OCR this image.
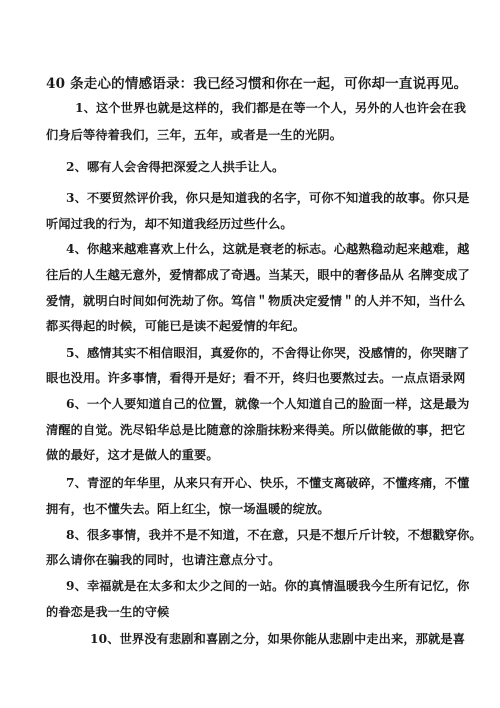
40 条走心的情感语录：我已经习惯和你在一起，可你却一直说再见。
1、这个世界也就是这样的，我们都是在等一个人，另外的人也许会在我
们身后等待着我们，三年，五年，或者是一生的光阴。
2、哪有人会舍得把深爱之人拱手让人。
3、不要贸然评价我，你只是知道我的名字，可你不知道我的故事。你只是
听闻过我的行为，却不知道我经历过些什么。
4、你越来越难喜欢上什么，这就是衰老的标志。心越熟稳动起来越难，越
往后的人生越无意外，爱情都成了奇遇。当某天，眼中的奢侈品从 名牌变成了
爱情，就明白时间如何洗劫了你。笃信＂物质决定爱情＂的人并不知，当什么
都买得起的时候，可能已是读不起爱情的年纪。
5、感情其实不相信眼泪，真爱你的，不舍得让你哭，没感情的，你哭瞎了
眼也没用。许多事情，看得开是好；看不开，终归也要熬过去。一点点语录网
6、一个人要知道自己的位置，就像一个人知道自己的脸面一样，这是最为
清醒的自觉。洗尽铅华总是比随意的涂脂抹粉来得美。所以做能做的事，把它
做的最好，这才是做人的重要。
7、青涩的年华里，从来只有开心、快乐，不懂支离破碎，不懂疼痛，不懂
拥有，也不懂失去。陌上红尘，惊一场温暖的绽放。
8、很多事情，我并不是不知道，不在意，只是不想斤斤计较，不想戳穿你。
那么请你在骗我的同时，也请注意点分寸。
9、幸福就是在太多和太少之间的一站。你的真情温暖我今生所有记忆，你
的眷恋是我一生的守候
10、世界没有悲剧和喜剧之分，如果你能从悲剧中走出来，那就是喜
